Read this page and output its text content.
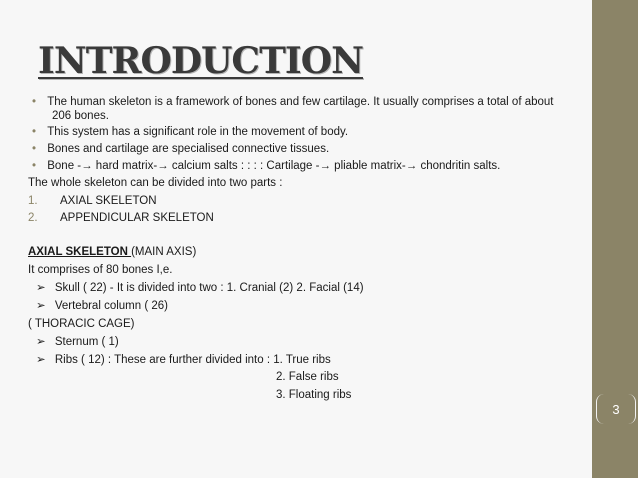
3
INTRODUCTION
• The human skeleton is a framework of bones and few cartilage. It usually comprises a total of about
206 bones.
• This system has a significant role in the movement of body.
• Bones and cartilage are specialised connective tissues.
• Bone -→ hard matrix-→ calcium salts : : : : Cartilage -→ pliable matrix-→ chondritin salts.
The whole skeleton can be divided into two parts :
1. AXIAL SKELETON
2. APPENDICULAR SKELETON
AXIAL SKELETON (MAIN AXIS)
It comprises of 80 bones I,e.
➢ Skull ( 22) - It is divided into two : 1. Cranial (2) 2. Facial (14)
➢ Vertebral column ( 26)
( THORACIC CAGE)
➢ Sternum ( 1)
➢ Ribs ( 12) : These are further divided into : 1. True ribs
2. False ribs
3. Floating ribs
